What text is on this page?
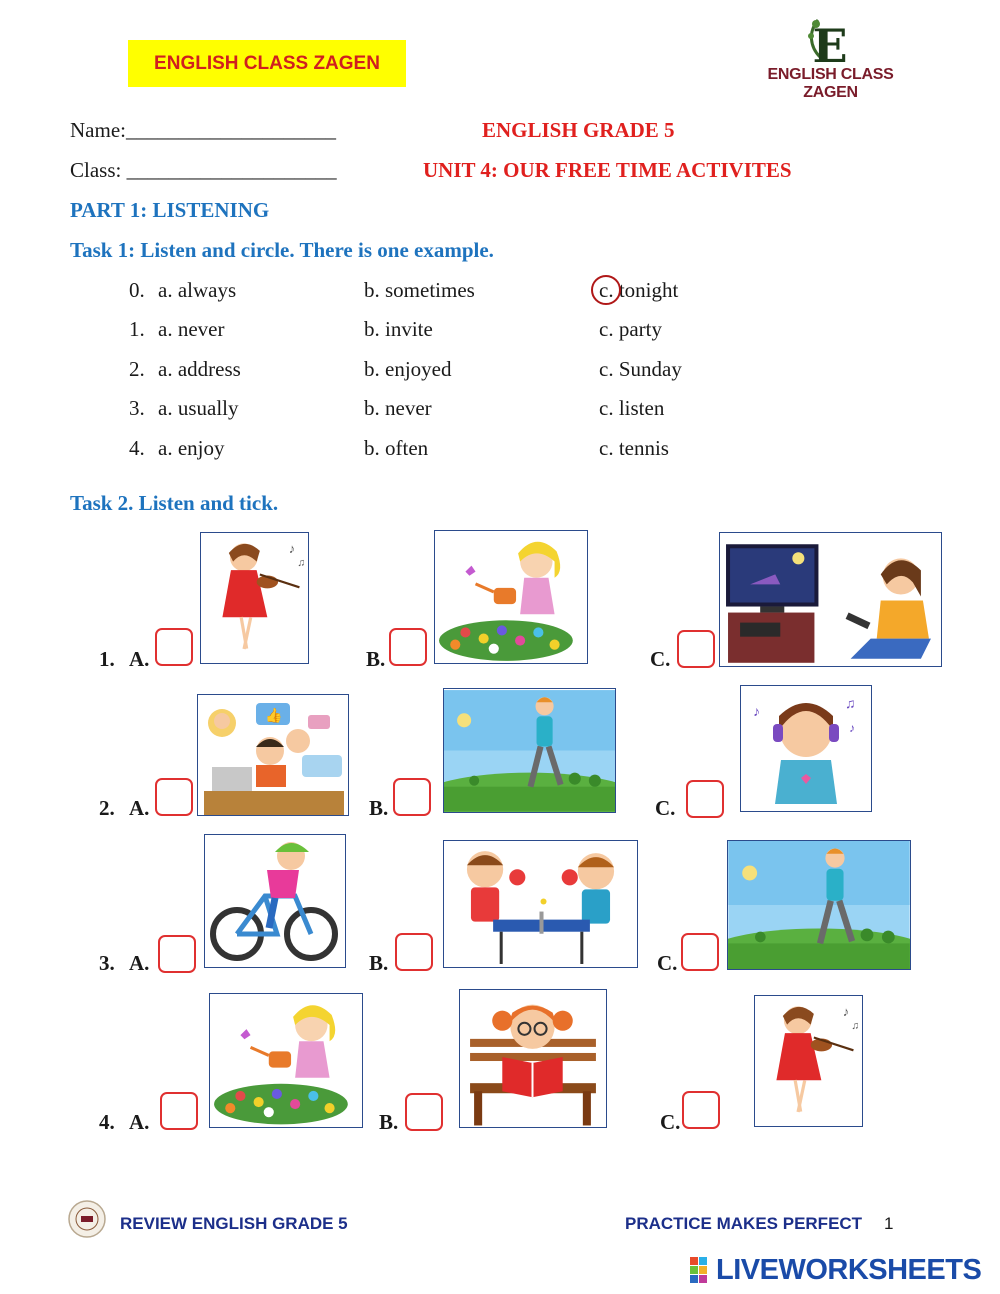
ENGLISH CLASS ZAGEN	E
ENGLISH CLASS ZAGEN
Name:____________________
Class: ____________________
ENGLISH GRADE 5
UNIT 4: OUR FREE TIME ACTIVITES
PART 1: LISTENING
Task 1: Listen and circle. There is one example.
0. a. always	b. sometimes	c. tonight
1. a. never	b. invite	c. party
2. a. address	b. enjoyed	c. Sunday
3. a. usually	b. never	c. listen
4. a. enjoy	b. often	c. tennis
Task 2. Listen and tick.
1. A.	B.	C.
2. A.	B.	C.
3. A.	B.	C.
4. A.	B.	C.
REVIEW ENGLISH GRADE 5	PRACTICE MAKES PERFECT 1
LIVEWORKSHEETS
